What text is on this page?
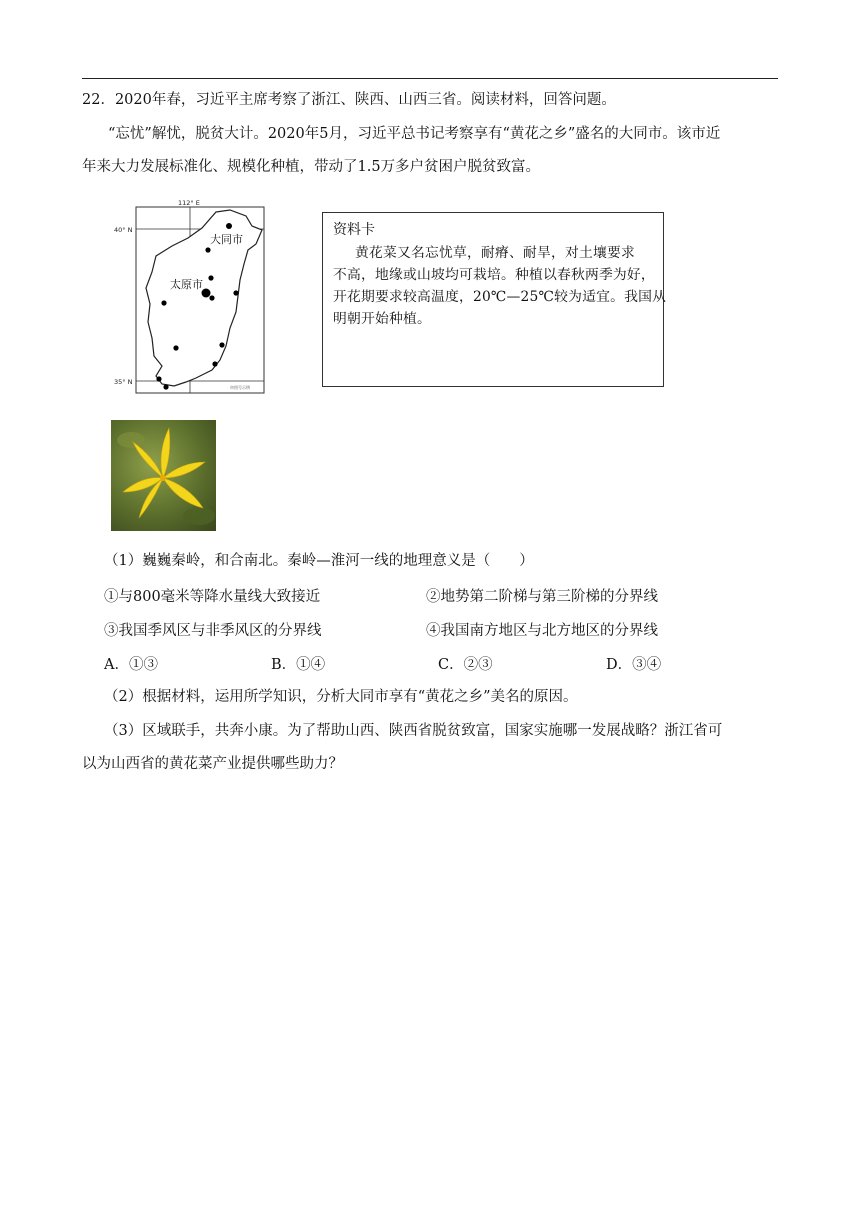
22．2020年春，习近平主席考察了浙江、陕西、山西三省。阅读材料，回答问题。
“忘忧”解忧，脱贫大计。2020年5月，习近平总书记考察享有“黄花之乡”盛名的大同市。该市近
年来大力发展标准化、规模化种植，带动了1.5万多户贫困户脱贫致富。
112° E
40° N
35° N
大同市
太原市
审图号示例
资料卡
黄花菜又名忘忧草，耐瘠、耐旱，对土壤要求
不高，地缘或山坡均可栽培。种植以春秋两季为好，
开花期要求较高温度，20℃—25℃较为适宜。我国从
明朝开始种植。
（1）巍巍秦岭，和合南北。秦岭—淮河一线的地理意义是（　　）
①与800毫米等降水量线大致接近	②地势第二阶梯与第三阶梯的分界线
③我国季风区与非季风区的分界线	④我国南方地区与北方地区的分界线
A．①③	B．①④	C．②③	D．③④
（2）根据材料，运用所学知识，分析大同市享有“黄花之乡”美名的原因。
（3）区域联手，共奔小康。为了帮助山西、陕西省脱贫致富，国家实施哪一发展战略？浙江省可
以为山西省的黄花菜产业提供哪些助力？
